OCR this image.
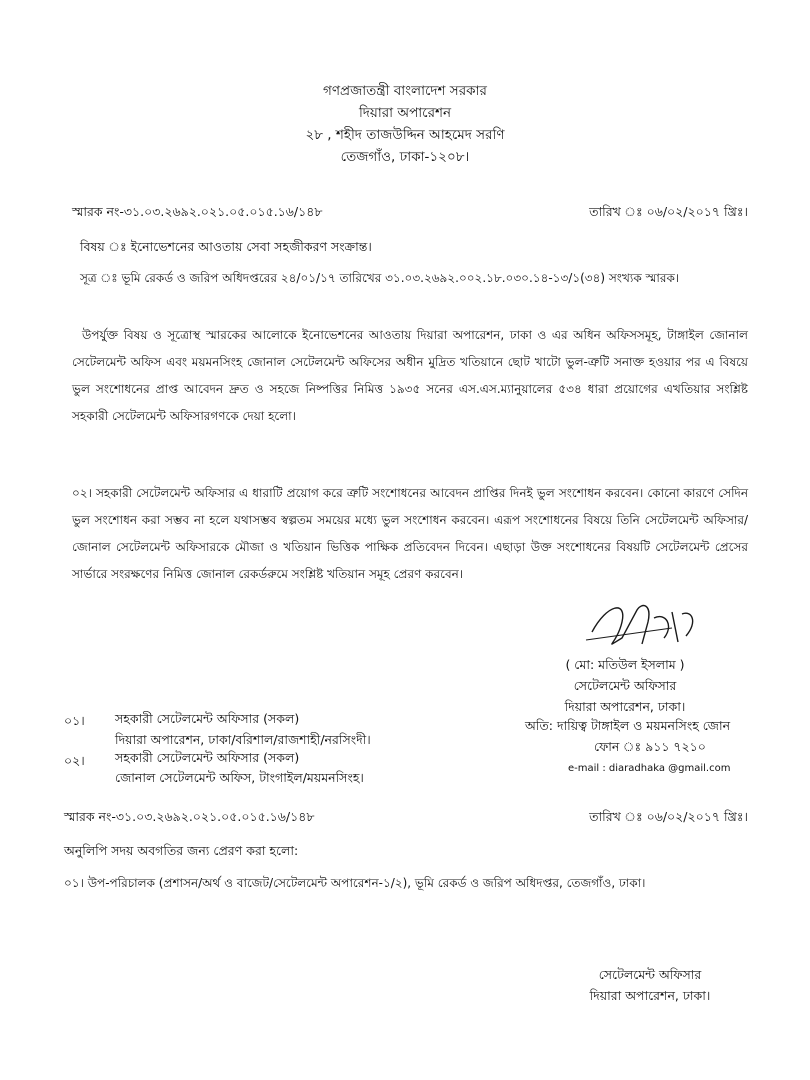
গণপ্রজাতন্ত্রী বাংলাদেশ সরকার
দিয়ারা অপারেশন
২৮ , শহীদ তাজউদ্দিন আহমেদ সরণি
তেজগাঁও, ঢাকা-১২০৮।
স্মারক নং-৩১.০৩.২৬৯২.০২১.০৫.০১৫.১৬/১৪৮	তারিখ ঃ ০৬/০২/২০১৭ খ্রিঃ।
বিষয় ঃ ইনোভেশনের আওতায় সেবা সহজীকরণ সংক্রান্ত।
সূত্র ঃ ভূমি রেকর্ড ও জরিপ অধিদপ্তরের ২৪/০১/১৭ তারিখের ৩১.০৩.২৬৯২.০০২.১৮.০৩০.১৪-১৩/১(৩৪) সংখ্যক স্মারক।
উপর্যুক্ত বিষয় ও সূত্রোস্থ স্মারকের আলোকে ইনোভেশনের আওতায় দিয়ারা অপারেশন, ঢাকা ও এর অধিন অফিসসমূহ, টাঙ্গাইল জোনাল সেটেলমেন্ট অফিস এবং ময়মনসিংহ জোনাল সেটেলমেন্ট অফিসের অধীন মুদ্রিত খতিয়ানে ছোট খাটো ভুল-ত্রুটি সনাক্ত হওয়ার পর এ বিষয়ে ভুল সংশোধনের প্রাপ্ত আবেদন দ্রুত ও সহজে নিষ্পত্তির নিমিত্ত ১৯৩৫ সনের এস.এস.ম্যানুয়ালের ৫৩৪ ধারা প্রয়োগের এখতিয়ার সংশ্লিষ্ট সহকারী সেটেলমেন্ট অফিসারগণকে দেয়া হলো।
০২। সহকারী সেটেলমেন্ট অফিসার এ ধারাটি প্রয়োগ করে ত্রুটি সংশোধনের আবেদন প্রাপ্তির দিনই ভুল সংশোধন করবেন। কোনো কারণে সেদিন ভুল সংশোধন করা সম্ভব না হলে যথাসম্ভব স্বল্পতম সময়ের মধ্যে ভুল সংশোধন করবেন। এরূপ সংশোধনের বিষয়ে তিনি সেটেলমেন্ট অফিসার/ জোনাল সেটেলমেন্ট অফিসারকে মৌজা ও খতিয়ান ভিত্তিক পাক্ষিক প্রতিবেদন দিবেন। এছাড়া উক্ত সংশোধনের বিষয়টি সেটেলমেন্ট প্রেসের সার্ভারে সংরক্ষণের নিমিত্ত জোনাল রেকর্ডরুমে সংশ্লিষ্ট খতিয়ান সমূহ প্রেরণ করবেন।
( মো: মতিউল ইসলাম )
সেটেলমেন্ট অফিসার
দিয়ারা অপারেশন, ঢাকা।
অতি: দায়িত্ব টাঙ্গাইল ও ময়মনসিংহ জোন
ফোন ঃ ৯১১ ৭২১০
e-mail : diaradhaka @gmail.com
০১। সহকারী সেটেলমেন্ট অফিসার (সকল)
দিয়ারা অপারেশন, ঢাকা/বরিশাল/রাজশাহী/নরসিংদী।
০২। সহকারী সেটেলমেন্ট অফিসার (সকল)
জোনাল সেটেলমেন্ট অফিস, টাংগাইল/ময়মনসিংহ।
স্মারক নং-৩১.০৩.২৬৯২.০২১.০৫.০১৫.১৬/১৪৮	তারিখ ঃ ০৬/০২/২০১৭ খ্রিঃ।
অনুলিপি সদয় অবগতির জন্য প্রেরণ করা হলো:
০১। উপ-পরিচালক (প্রশাসন/অর্থ ও বাজেট/সেটেলমেন্ট অপারেশন-১/২), ভূমি রেকর্ড ও জরিপ অধিদপ্তর, তেজগাঁও, ঢাকা।
সেটেলমেন্ট অফিসার
দিয়ারা অপারেশন, ঢাকা।
